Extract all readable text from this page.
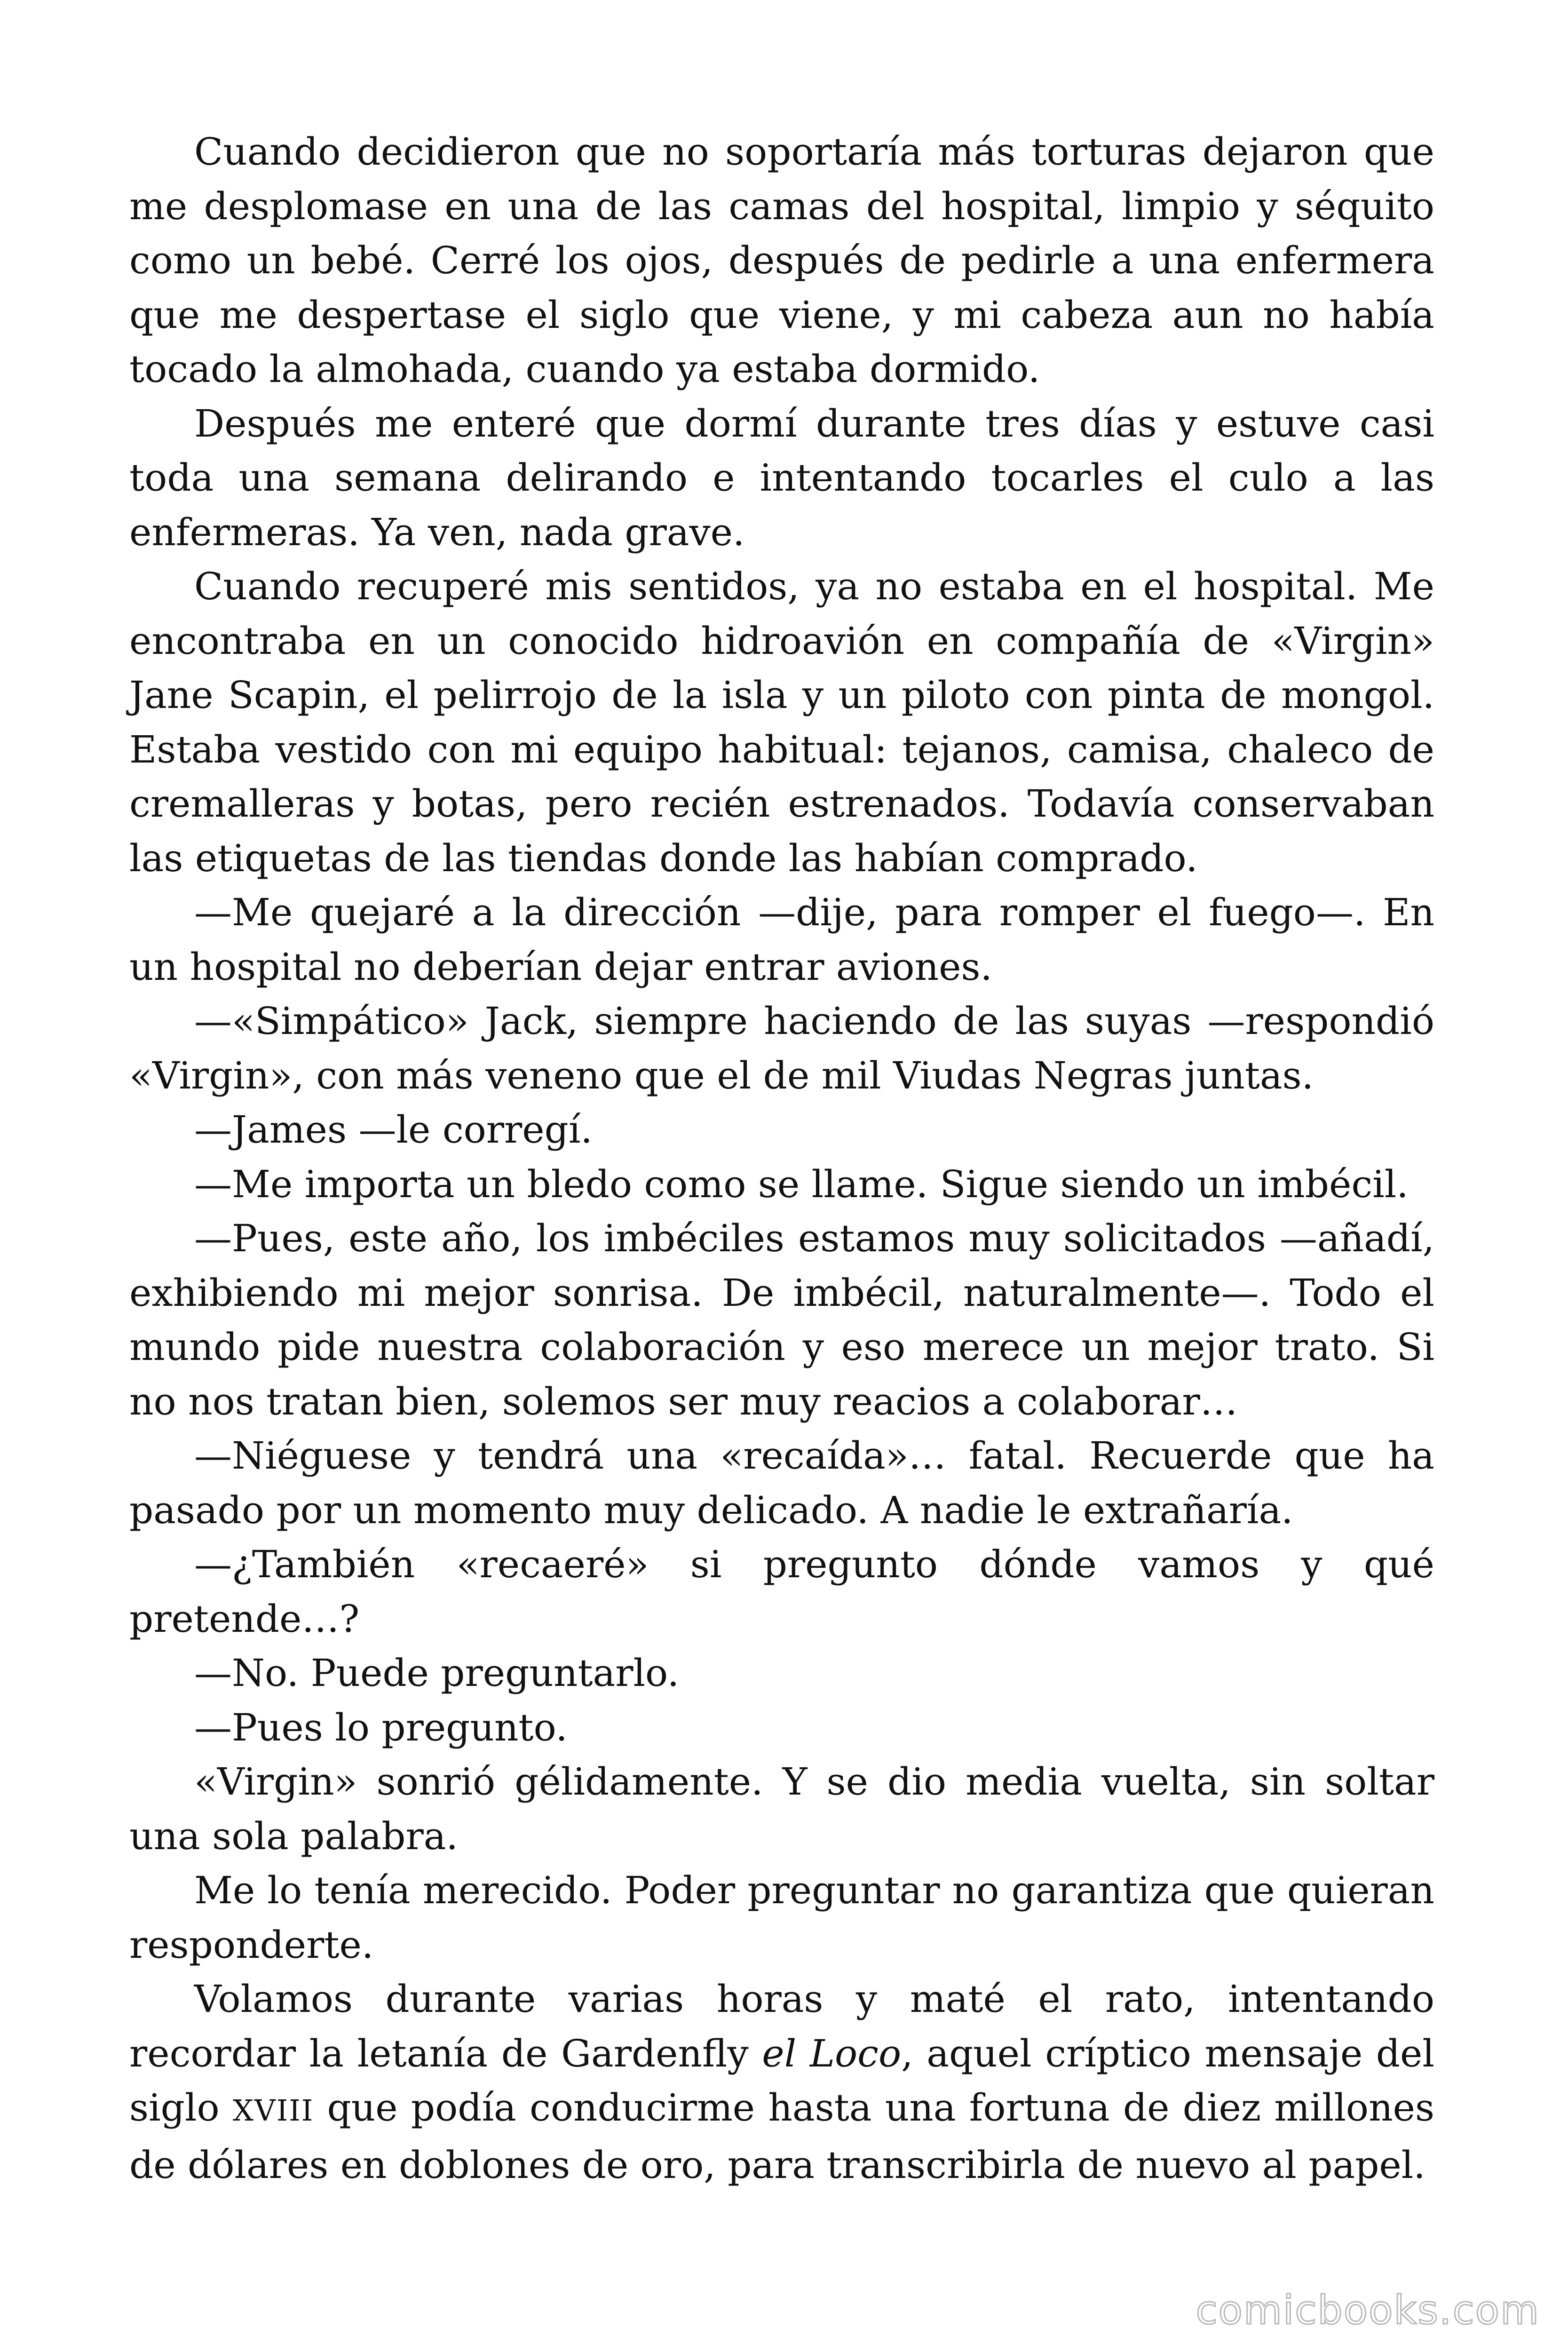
Cuando decidieron que no soportaría más torturas dejaron que me desplomase en una de las camas del hospital, limpio y séquito como un bebé. Cerré los ojos, después de pedirle a una enfermera que me despertase el siglo que viene, y mi cabeza aun no había tocado la almohada, cuando ya estaba dormido.

Después me enteré que dormí durante tres días y estuve casi toda una semana delirando e intentando tocarles el culo a las enfermeras. Ya ven, nada grave.

Cuando recuperé mis sentidos, ya no estaba en el hospital. Me encontraba en un conocido hidroavión en compañía de «Virgin» Jane Scapin, el pelirrojo de la isla y un piloto con pinta de mongol. Estaba vestido con mi equipo habitual: tejanos, camisa, chaleco de cremalleras y botas, pero recién estrenados. Todavía conservaban las etiquetas de las tiendas donde las habían comprado.

—Me quejaré a la dirección —dije, para romper el fuego—. En un hospital no deberían dejar entrar aviones.

—«Simpático» Jack, siempre haciendo de las suyas —respondió «Virgin», con más veneno que el de mil Viudas Negras juntas.

—James —le corregí.

—Me importa un bledo como se llame. Sigue siendo un imbécil.

—Pues, este año, los imbéciles estamos muy solicitados —añadí, exhibiendo mi mejor sonrisa. De imbécil, naturalmente—. Todo el mundo pide nuestra colaboración y eso merece un mejor trato. Si no nos tratan bien, solemos ser muy reacios a colaborar…

—Niéguese y tendrá una «recaída»… fatal. Recuerde que ha pasado por un momento muy delicado. A nadie le extrañaría.

—¿También «recaeré» si pregunto dónde vamos y qué pretende…?

—No. Puede preguntarlo.

—Pues lo pregunto.

«Virgin» sonrió gélidamente. Y se dio media vuelta, sin soltar una sola palabra.

Me lo tenía merecido. Poder preguntar no garantiza que quieran responderte.

Volamos durante varias horas y maté el rato, intentando recordar la letanía de Gardenfly el Loco, aquel críptico mensaje del siglo XVIII que podía conducirme hasta una fortuna de diez millones de dólares en doblones de oro, para transcribirla de nuevo al papel.

comicbooks.com
